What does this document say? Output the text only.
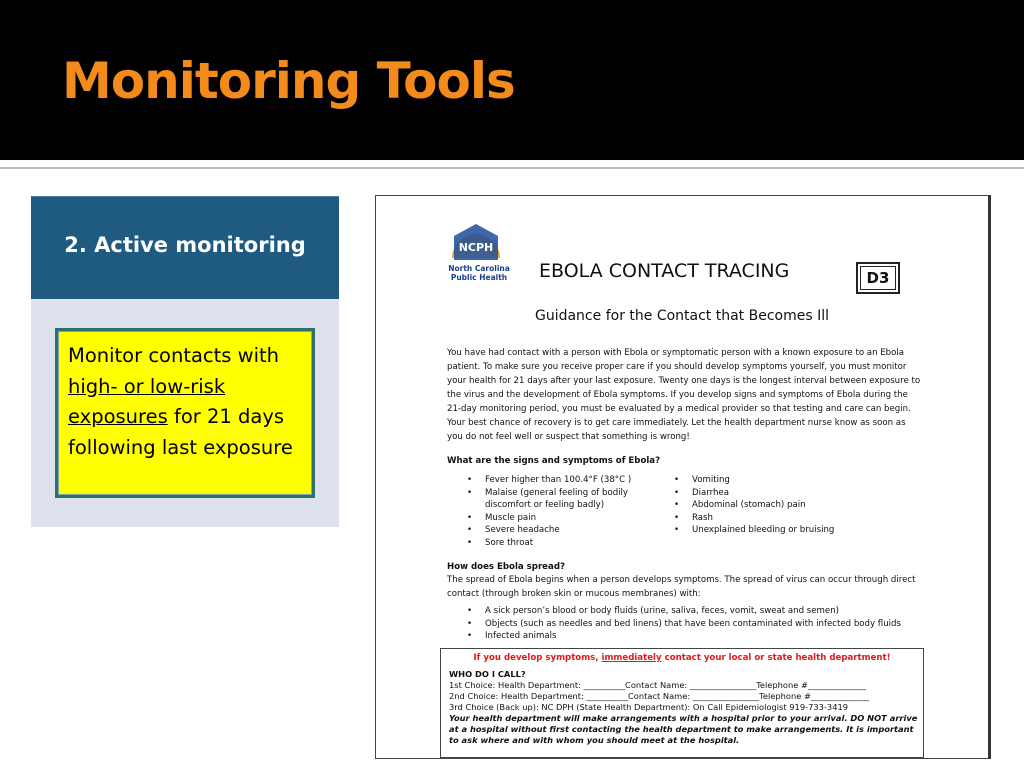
Monitoring Tools
2. Active monitoring
Monitor contacts with high- or low-risk exposures for 21 days following last exposure
NCPH
North Carolina
Public Health	EBOLA CONTACT TRACING	D3
Guidance for the Contact that Becomes Ill
You have had contact with a person with Ebola or symptomatic person with a known exposure to an Ebola patient. To make sure you receive proper care if you should develop symptoms yourself, you must monitor your health for 21 days after your last exposure. Twenty one days is the longest interval between exposure to the virus and the development of Ebola symptoms. If you develop signs and symptoms of Ebola during the 21-day monitoring period, you must be evaluated by a medical provider so that testing and care can begin. Your best chance of recovery is to get care immediately. Let the health department nurse know as soon as you do not feel well or suspect that something is wrong!
What are the signs and symptoms of Ebola?
• Fever higher than 100.4°F (38°C )
• Malaise (general feeling of bodily discomfort or feeling badly)
• Muscle pain
• Severe headache
• Sore throat
• Vomiting
• Diarrhea
• Abdominal (stomach) pain
• Rash
• Unexplained bleeding or bruising
How does Ebola spread?
The spread of Ebola begins when a person develops symptoms. The spread of virus can occur through direct contact (through broken skin or mucous membranes) with:
• A sick person’s blood or body fluids (urine, saliva, feces, vomit, sweat and semen)
• Objects (such as needles and bed linens) that have been contaminated with infected body fluids
• Infected animals
If you develop symptoms, immediately contact your local or state health department!
WHO DO I CALL?
1st Choice: Health Department: __________Contact Name: ________________Telephone #______________
2nd Choice: Health Department: __________Contact Name: ________________Telephone #______________
3rd Choice (Back up): NC DPH (State Health Department): On Call Epidemiologist 919-733-3419
Your health department will make arrangements with a hospital prior to your arrival. DO NOT arrive at a hospital without first contacting the health department to make arrangements. It is important to ask where and with whom you should meet at the hospital.
